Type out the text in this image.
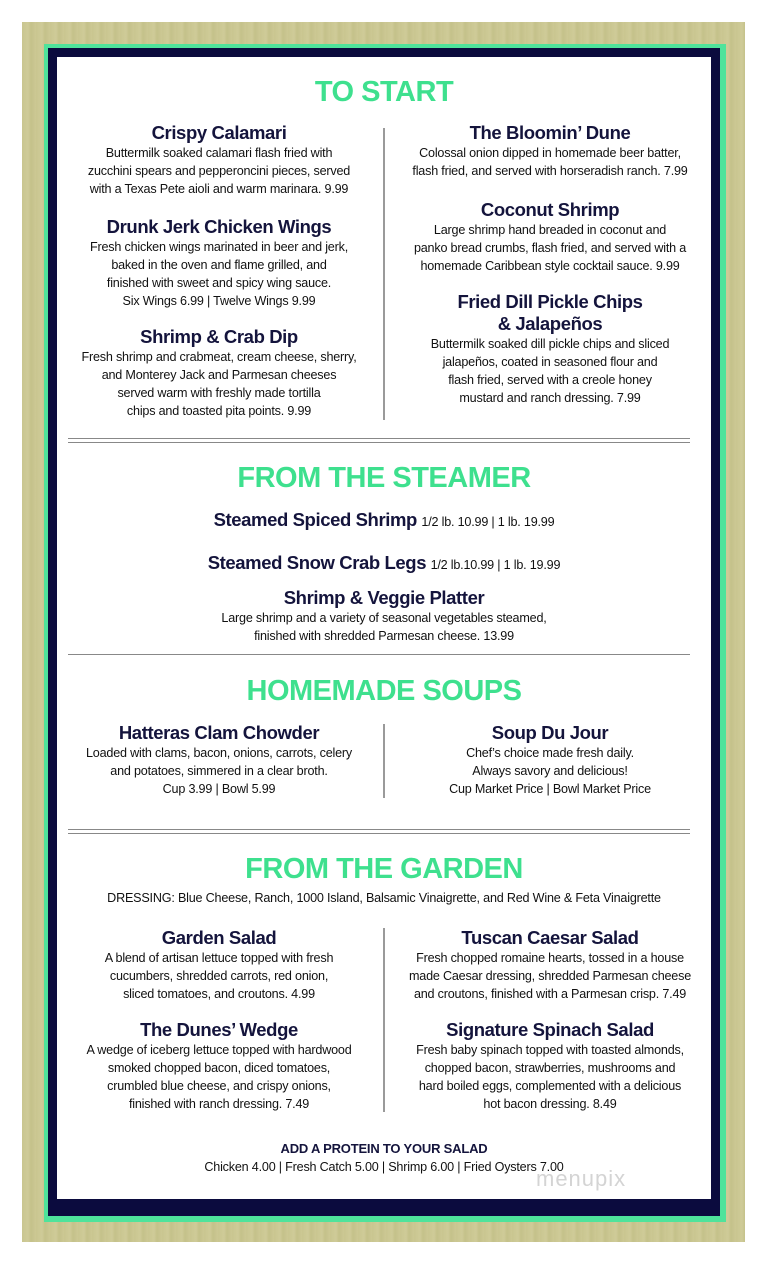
TO START
Crispy Calamari
Buttermilk soaked calamari flash fried with
zucchini spears and pepperoncini pieces, served
with a Texas Pete aioli and warm marinara. 9.99
Drunk Jerk Chicken Wings
Fresh chicken wings marinated in beer and jerk,
baked in the oven and flame grilled, and
finished with sweet and spicy wing sauce.
Six Wings 6.99 | Twelve Wings 9.99
Shrimp & Crab Dip
Fresh shrimp and crabmeat, cream cheese, sherry,
and Monterey Jack and Parmesan cheeses
served warm with freshly made tortilla
chips and toasted pita points. 9.99
The Bloomin’ Dune
Colossal onion dipped in homemade beer batter,
flash fried, and served with horseradish ranch. 7.99
Coconut Shrimp
Large shrimp hand breaded in coconut and
panko bread crumbs, flash fried, and served with a
homemade Caribbean style cocktail sauce. 9.99
Fried Dill Pickle Chips
& Jalapeños
Buttermilk soaked dill pickle chips and sliced
jalapeños, coated in seasoned flour and
flash fried, served with a creole honey
mustard and ranch dressing. 7.99
FROM THE STEAMER
Steamed Spiced Shrimp 1/2 lb. 10.99 | 1 lb. 19.99
Steamed Snow Crab Legs 1/2 lb.10.99 | 1 lb. 19.99
Shrimp & Veggie Platter
Large shrimp and a variety of seasonal vegetables steamed,
finished with shredded Parmesan cheese. 13.99
HOMEMADE SOUPS
Hatteras Clam Chowder
Loaded with clams, bacon, onions, carrots, celery
and potatoes, simmered in a clear broth.
Cup 3.99 | Bowl 5.99
Soup Du Jour
Chef’s choice made fresh daily.
Always savory and delicious!
Cup Market Price | Bowl Market Price
FROM THE GARDEN
DRESSING: Blue Cheese, Ranch, 1000 Island, Balsamic Vinaigrette, and Red Wine & Feta Vinaigrette
Garden Salad
A blend of artisan lettuce topped with fresh
cucumbers, shredded carrots, red onion,
sliced tomatoes, and croutons. 4.99
The Dunes’ Wedge
A wedge of iceberg lettuce topped with hardwood
smoked chopped bacon, diced tomatoes,
crumbled blue cheese, and crispy onions,
finished with ranch dressing. 7.49
Tuscan Caesar Salad
Fresh chopped romaine hearts, tossed in a house
made Caesar dressing, shredded Parmesan cheese
and croutons, finished with a Parmesan crisp. 7.49
Signature Spinach Salad
Fresh baby spinach topped with toasted almonds,
chopped bacon, strawberries, mushrooms and
hard boiled eggs, complemented with a delicious
hot bacon dressing. 8.49
ADD A PROTEIN TO YOUR SALAD
Chicken 4.00 | Fresh Catch 5.00 | Shrimp 6.00 | Fried Oysters 7.00
menupix
